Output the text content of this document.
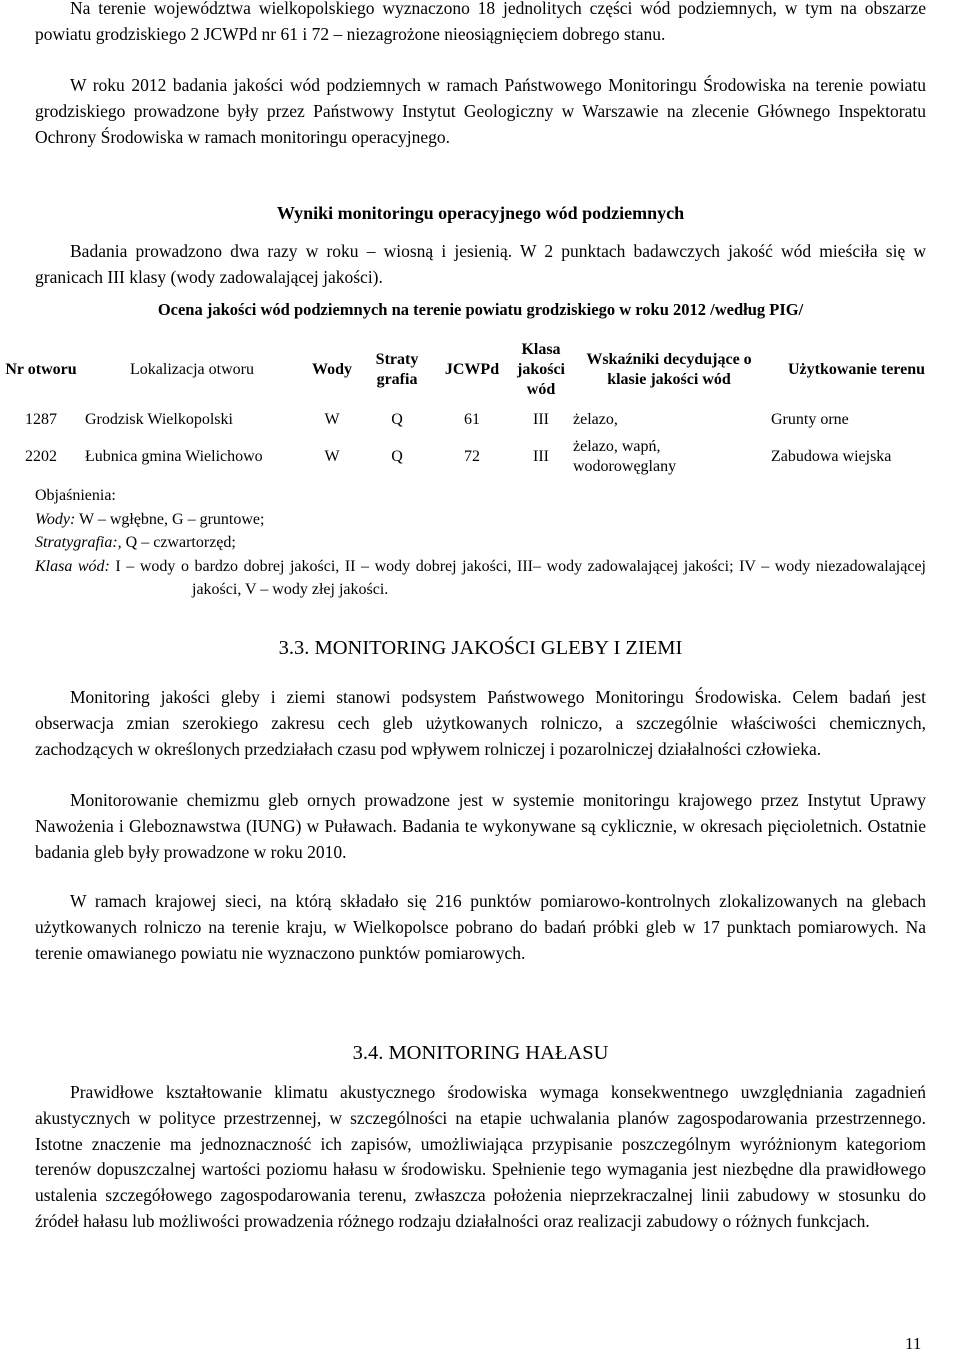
Na terenie województwa wielkopolskiego wyznaczono 18 jednolitych części wód podziemnych, w tym na obszarze powiatu grodziskiego 2 JCWPd nr 61 i 72 – niezagrożone nieosiągnięciem dobrego stanu.

W roku 2012 badania jakości wód podziemnych w ramach Państwowego Monitoringu Środowiska na terenie powiatu grodziskiego prowadzone były przez Państwowy Instytut Geologiczny w Warszawie na zlecenie Głównego Inspektoratu Ochrony Środowiska w ramach monitoringu operacyjnego.

Wyniki monitoringu operacyjnego wód podziemnych

Badania prowadzono dwa razy w roku – wiosną i jesienią. W 2 punktach badawczych jakość wód mieściła się w granicach III klasy (wody zadowalającej jakości).

Ocena jakości wód podziemnych na terenie powiatu grodziskiego w roku 2012 /według PIG/

Nr otworu	Lokalizacja otworu	Wody	Straty grafia	JCWPd	Klasa jakości wód	Wskaźniki decydujące o klasie jakości wód	Użytkowanie terenu
1287	Grodzisk Wielkopolski	W	Q	61	III	żelazo,	Grunty orne
2202	Łubnica gmina Wielichowo	W	Q	72	III	żelazo, wapń, wodorowęglany	Zabudowa wiejska
Objaśnienia:
Wody: W – wgłębne, G – gruntowe;
Stratygrafia:, Q – czwartorzęd;
Klasa wód: I – wody o bardzo dobrej jakości, II – wody dobrej jakości, III– wody zadowalającej jakości; IV – wody niezadowalającej jakości, V – wody złej jakości.

3.3. MONITORING JAKOŚCI GLEBY I ZIEMI

Monitoring jakości gleby i ziemi stanowi podsystem Państwowego Monitoringu Środowiska. Celem badań jest obserwacja zmian szerokiego zakresu cech gleb użytkowanych rolniczo, a szczególnie właściwości chemicznych, zachodzących w określonych przedziałach czasu pod wpływem rolniczej i pozarolniczej działalności człowieka.

Monitorowanie chemizmu gleb ornych prowadzone jest w systemie monitoringu krajowego przez Instytut Uprawy Nawożenia i Gleboznawstwa (IUNG) w Puławach. Badania te wykonywane są cyklicznie, w okresach pięcioletnich. Ostatnie badania gleb były prowadzone w roku 2010.

W ramach krajowej sieci, na którą składało się 216 punktów pomiarowo-kontrolnych zlokalizowanych na glebach użytkowanych rolniczo na terenie kraju, w Wielkopolsce pobrano do badań próbki gleb w 17 punktach pomiarowych. Na terenie omawianego powiatu nie wyznaczono punktów pomiarowych.

3.4. MONITORING HAŁASU

Prawidłowe kształtowanie klimatu akustycznego środowiska wymaga konsekwentnego uwzględniania zagadnień akustycznych w polityce przestrzennej, w szczególności na etapie uchwalania planów zagospodarowania przestrzennego. Istotne znaczenie ma jednoznaczność ich zapisów, umożliwiająca przypisanie poszczególnym wyróżnionym kategoriom terenów dopuszczalnej wartości poziomu hałasu w środowisku. Spełnienie tego wymagania jest niezbędne dla prawidłowego ustalenia szczegółowego zagospodarowania terenu, zwłaszcza położenia nieprzekraczalnej linii zabudowy w stosunku do źródeł hałasu lub możliwości prowadzenia różnego rodzaju działalności oraz realizacji zabudowy o różnych funkcjach.

11
